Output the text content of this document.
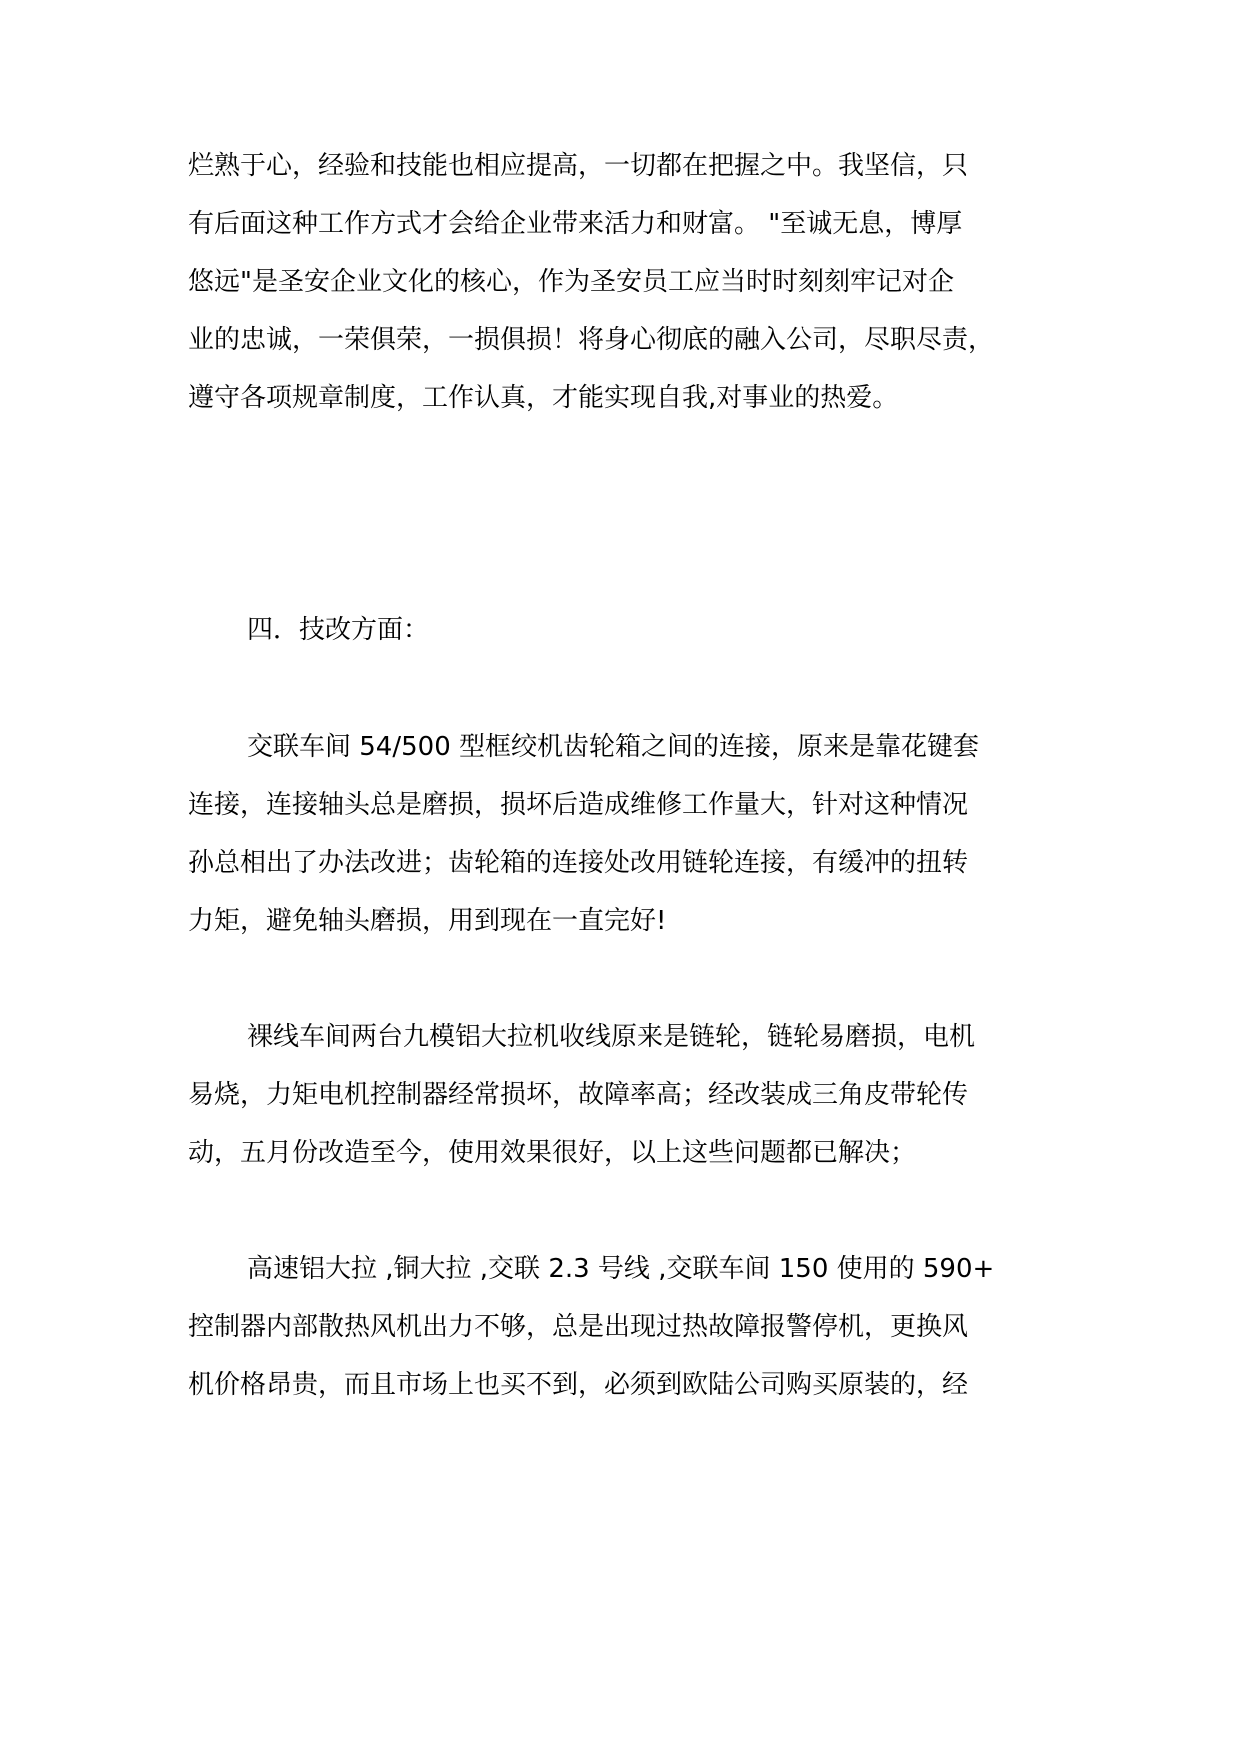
烂熟于心，经验和技能也相应提高，一切都在把握之中。我坚信，只
有后面这种工作方式才会给企业带来活力和财富。 "至诚无息，博厚
悠远"是圣安企业文化的核心，作为圣安员工应当时时刻刻牢记对企
业的忠诚，一荣俱荣，一损俱损！将身心彻底的融入公司，尽职尽责，
遵守各项规章制度，工作认真，才能实现自我,对事业的热爱。
四．技改方面：
交联车间 54/500 型框绞机齿轮箱之间的连接，原来是靠花键套
连接，连接轴头总是磨损，损坏后造成维修工作量大，针对这种情况
孙总相出了办法改进；齿轮箱的连接处改用链轮连接，有缓冲的扭转
力矩，避免轴头磨损，用到现在一直完好!
裸线车间两台九模铝大拉机收线原来是链轮，链轮易磨损，电机
易烧，力矩电机控制器经常损坏，故障率高；经改装成三角皮带轮传
动，五月份改造至今，使用效果很好，以上这些问题都已解决；
高速铝大拉 ,铜大拉 ,交联 2.3 号线 ,交联车间 150 使用的 590+
控制器内部散热风机出力不够，总是出现过热故障报警停机，更换风
机价格昂贵，而且市场上也买不到，必须到欧陆公司购买原装的，经
